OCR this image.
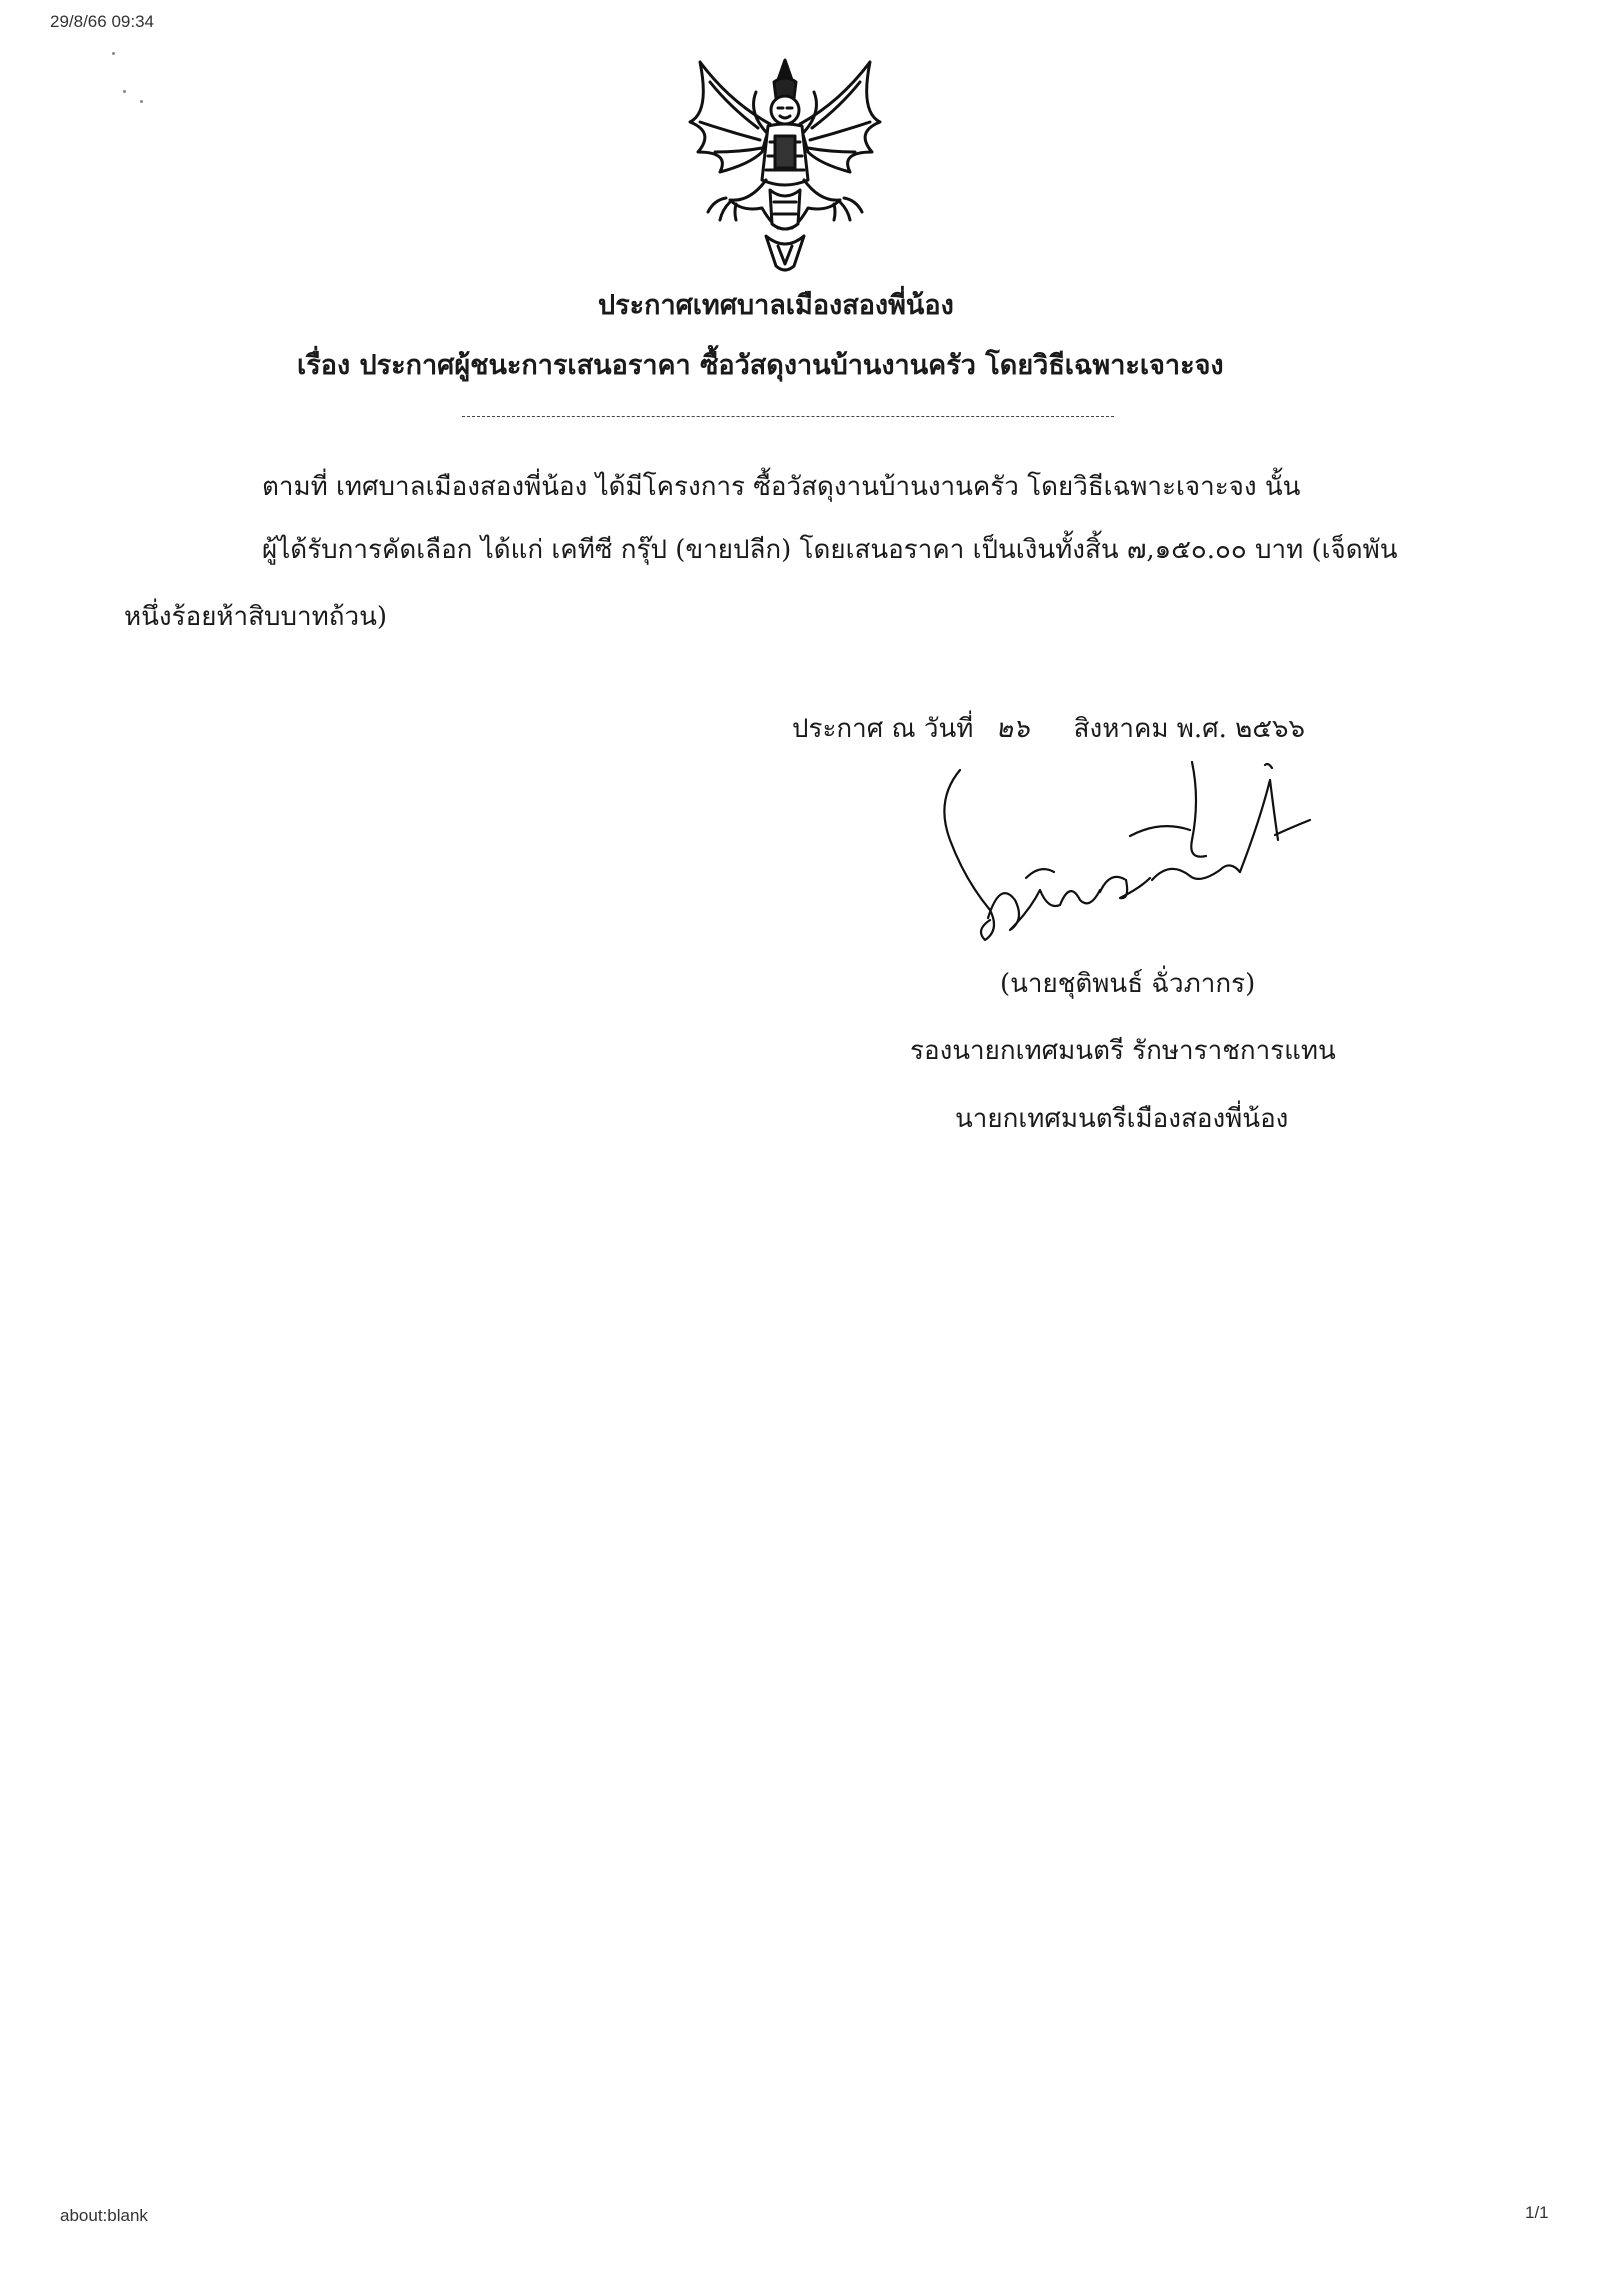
29/8/66 09:34
ประกาศเทศบาลเมืองสองพี่น้อง
เรื่อง ประกาศผู้ชนะการเสนอราคา ซื้อวัสดุงานบ้านงานครัว โดยวิธีเฉพาะเจาะจง
ตามที่ เทศบาลเมืองสองพี่น้อง ได้มีโครงการ ซื้อวัสดุงานบ้านงานครัว โดยวิธีเฉพาะเจาะจง นั้น
ผู้ได้รับการคัดเลือก ได้แก่ เคทีซี กรุ๊ป (ขายปลีก) โดยเสนอราคา เป็นเงินทั้งสิ้น ๗,๑๕๐.๐๐ บาท (เจ็ดพัน
หนึ่งร้อยห้าสิบบาทถ้วน)
ประกาศ ณ วันที่ ๒๖ สิงหาคม พ.ศ. ๒๕๖๖
(นายชุติพนธ์ ฉั่วภากร)
รองนายกเทศมนตรี รักษาราชการแทน
นายกเทศมนตรีเมืองสองพี่น้อง
about:blank	1/1
